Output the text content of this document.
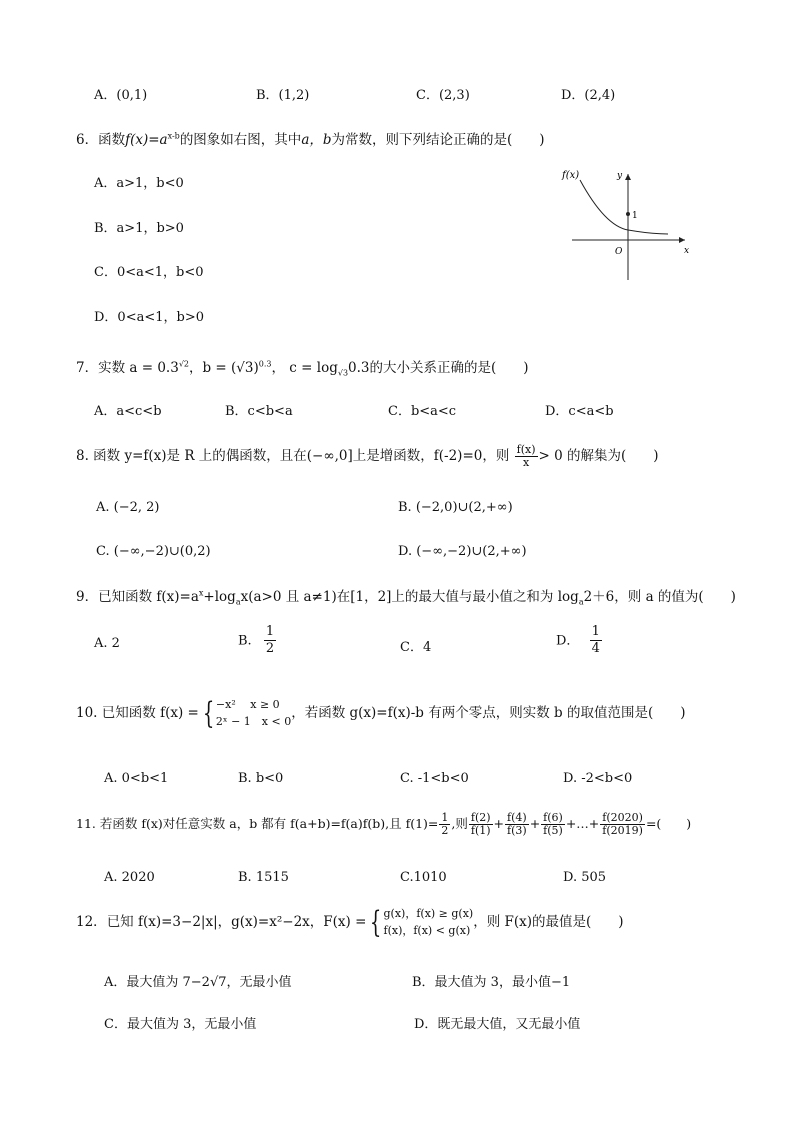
A．(0,1)	B．(1,2)	C．(2,3)	D．(2,4)
6．函数$f(x)=a^{x-b}$的图象如右图，其中a，b为常数，则下列结论正确的是(　　)
A．a>1，b<0
B．a>1，b>0
C．0<a<1，b<0
D．0<a<1，b>0
f(x)	y
x
O
1
7．实数 $a = 0.3^{√2}$，$b = (√3)^{0.3}$， $c = \log_{√3}0.3$的大小关系正确的是(　　)
A．a<c<b	B．c<b<a	C．b<a<c	D．c<a<b
8. 函数 y=f(x)是 R 上的偶函数，且在(−∞,0]上是增函数，f(-2)=0，则 $\frac{f(x)}{x} > 0$ 的解集为(　　)
A. (−2, 2)	B. (−2,0)∪(2,+∞)
C. (−∞,−2)∪(0,2)	D. (−∞,−2)∪(2,+∞)
9．已知函数 $f(x)=a^x+\log_ax(a>0$ 且 a≠1)在[1，2]上的最大值与最小值之和为 $\log_a2+6$，则 a 的值为(　　)
A. 2	B. $\frac{1}{2}$	C．4	D． $\frac{1}{4}$
10. 已知函数 f(x) = { −x²　 x ≥ 0
2ˣ − 1　x < 0 ，若函数 g(x)=f(x)-b 有两个零点，则实数 b 的取值范围是(　　)
A. 0<b<1	B. b<0	C. -1<b<0	D. -2<b<0
11. 若函数 f(x)对任意实数 a，b 都有 f(a+b)=f(a)f(b),且 $f(1)= \frac{1}{2}$ ,则 $\frac{f(2)}{f(1)} + \frac{f(4)}{f(3)} + \frac{f(6)}{f(5)}$ +…+ $\frac{f(2020)}{f(2019)}$ =(　　)
A. 2020	B. 1515	C.1010	D. 505
12．已知 f(x)=3−2|x|，g(x)=x²−2x，F(x) = { g(x)，f(x) ≥ g(x)
f(x)，f(x) < g(x) ，则 F(x)的最值是(　　)
A．最大值为 7−2√7，无最小值	B．最大值为 3，最小值−1
C．最大值为 3，无最小值	D．既无最大值，又无最小值
